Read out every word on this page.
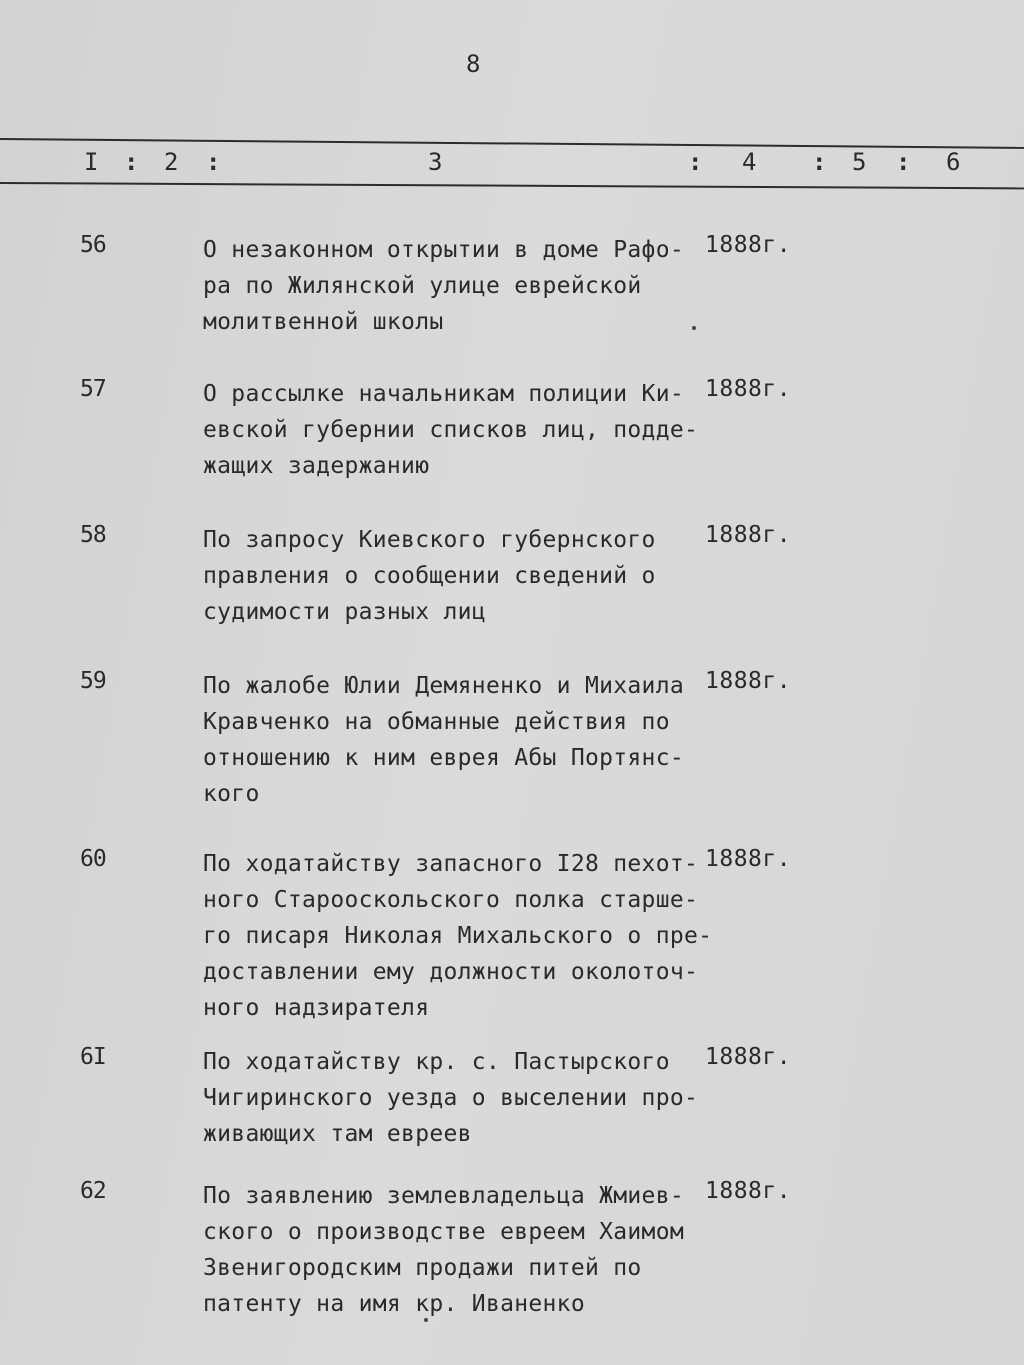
8
I : 2 :	3	: 4 : 5 : 6
56	О незаконном открытии в доме Рафо-
ра по Жилянской улице еврейской
молитвенной школы
1888г.
57	О рассылке начальникам полиции Ки-
евской губернии списков лиц, подде-
жащих задержанию
1888г.
58	По запросу Киевского губернского
правления о сообщении сведений о
судимости разных лиц
1888г.
59	По жалобе Юлии Демяненко и Михаила
Кравченко на обманные действия по
отношению к ним еврея Абы Портянс-
кого
1888г.
60	По ходатайству запасного I28 пехот-
ного Старооскольского полка старше-
го писаря Николая Михальского о пре-
доставлении ему должности околоточ-
ного надзирателя
1888г.
6I	По ходатайству кр. с. Пастырского
Чигиринского уезда о выселении про-
живающих там евреев
1888г.
62	По заявлению землевладельца Жмиев-
ского о производстве евреем Хаимом
Звенигородским продажи питей по
патенту на имя кр. Иваненко
1888г.
